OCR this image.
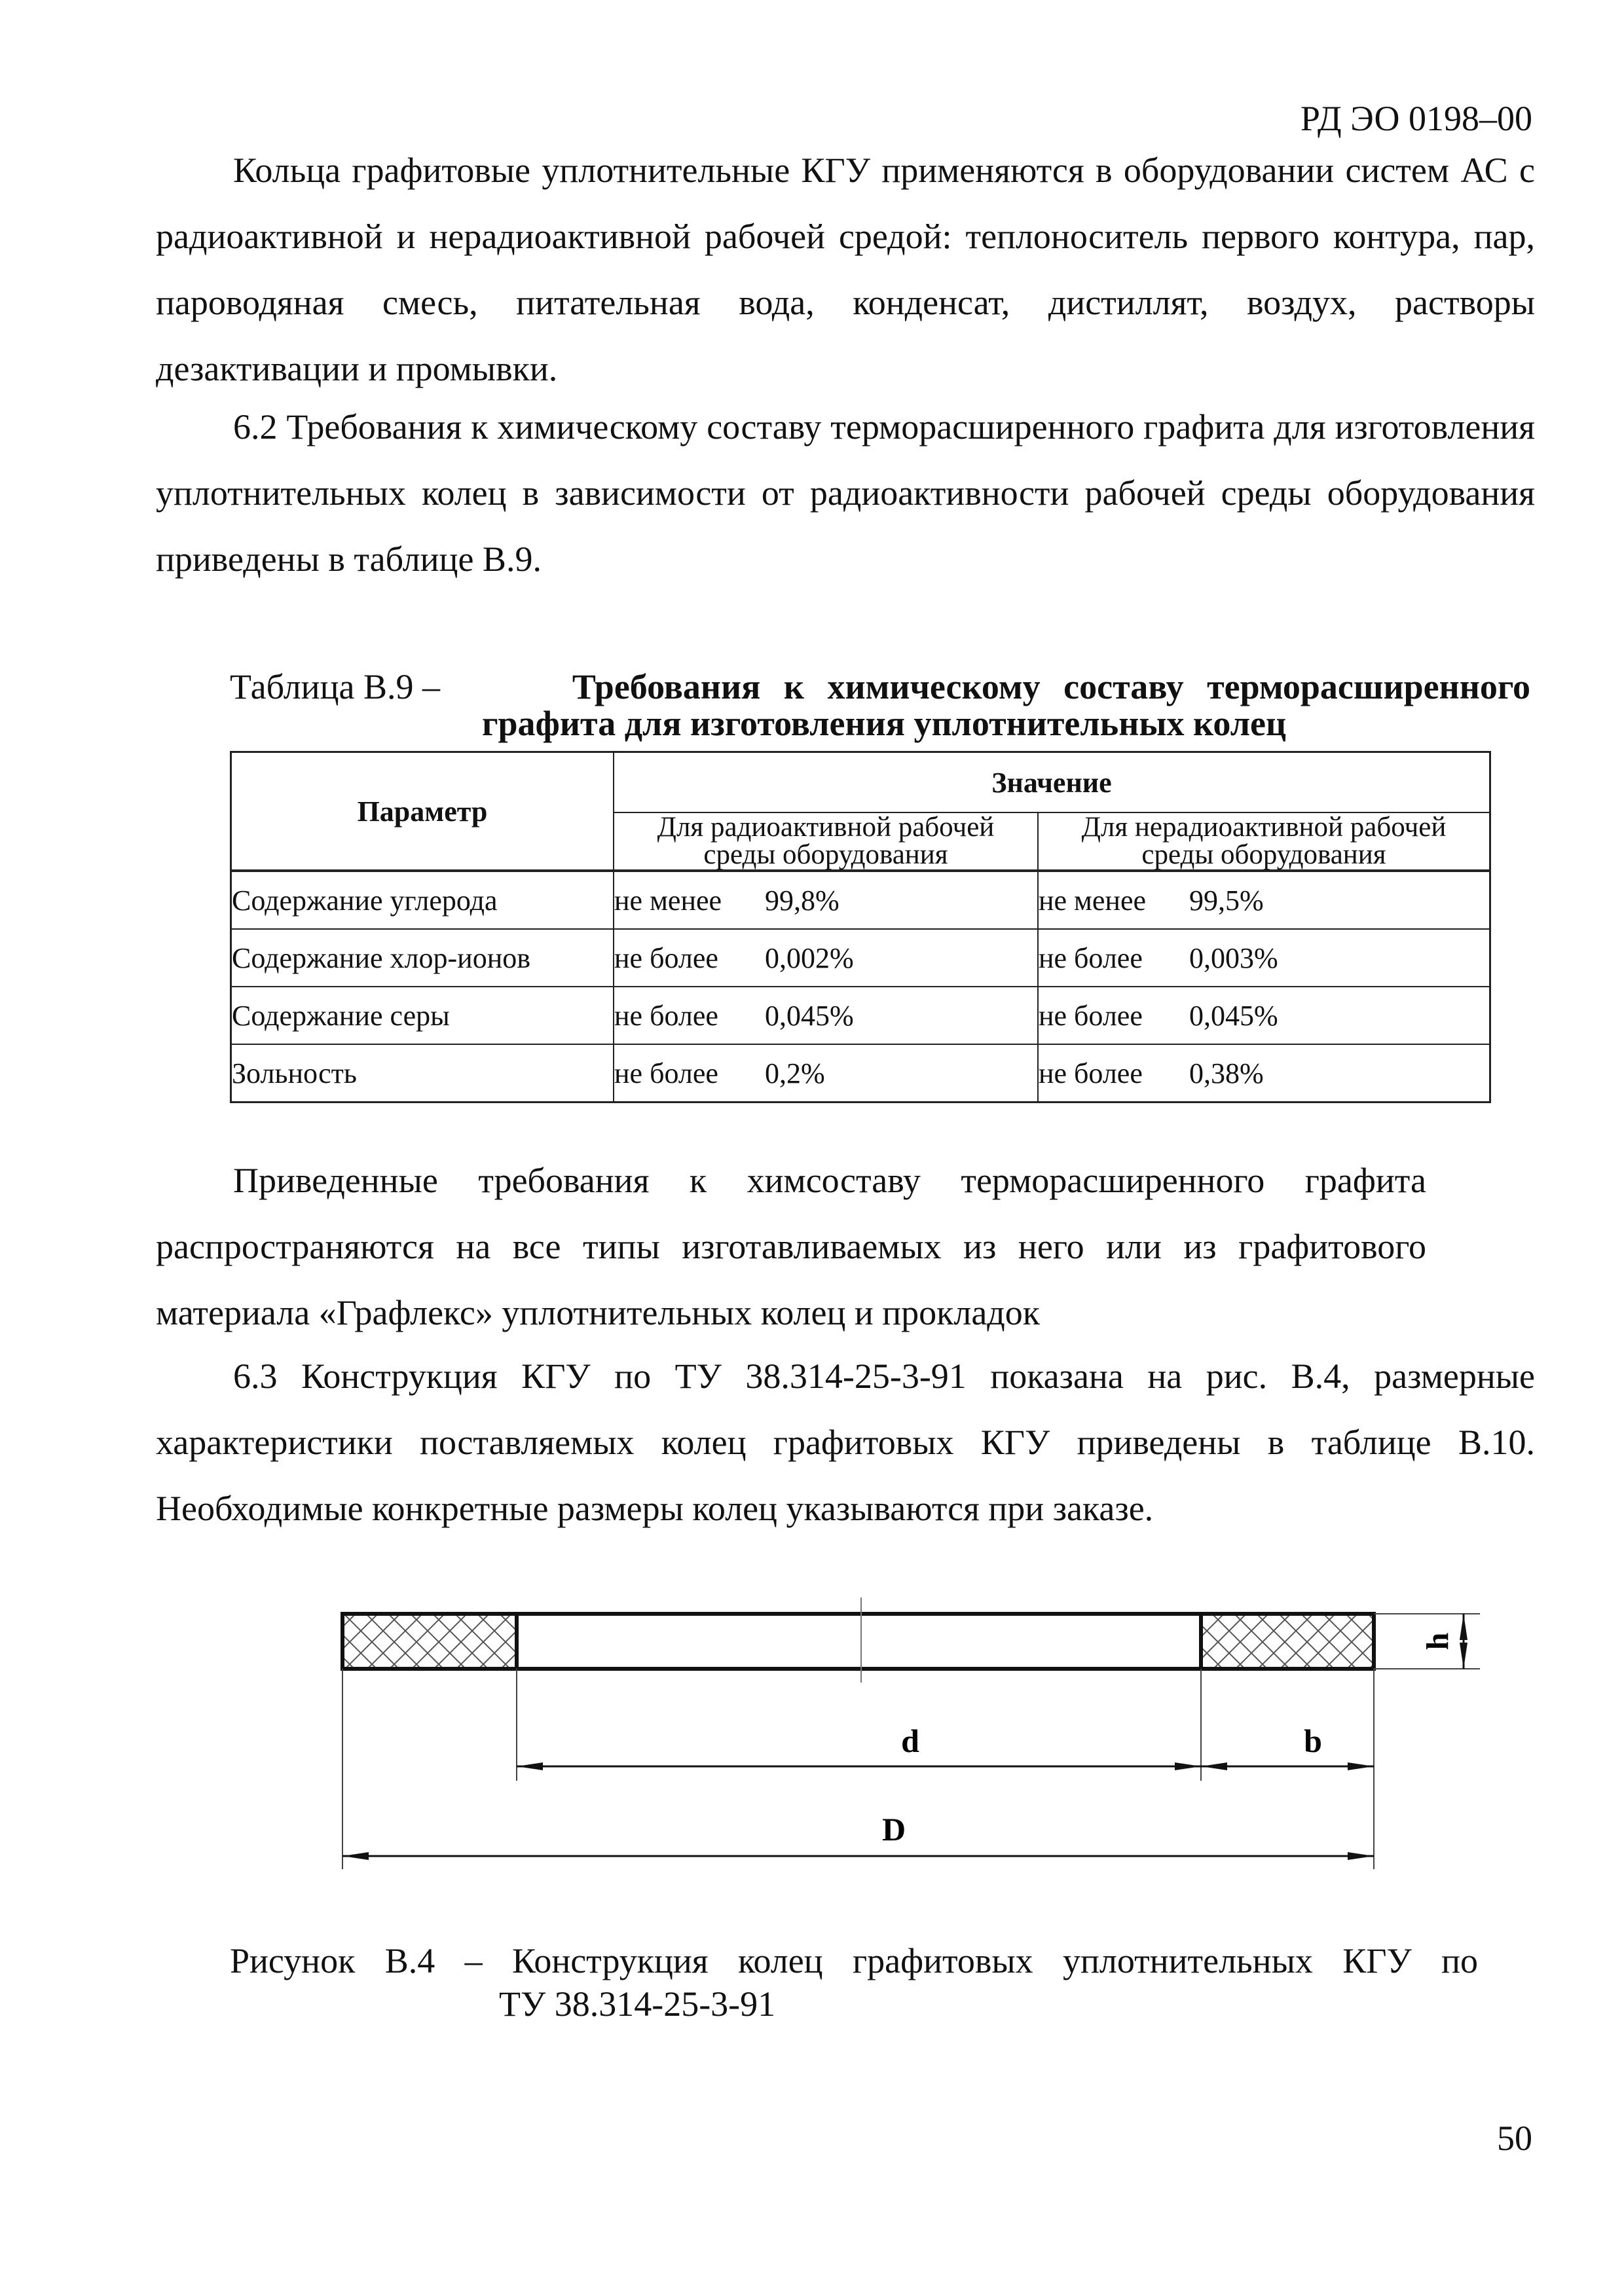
РД ЭО 0198–00

Кольца графитовые уплотнительные КГУ применяются в оборудовании систем АС с радиоактивной и нерадиоактивной рабочей средой: теплоноситель первого контура, пар, пароводяная смесь, питательная вода, конденсат, дистиллят, воздух, растворы дезактивации и промывки.

6.2 Требования к химическому составу терморасширенного графита для изготовления уплотнительных колец в зависимости от радиоактивности рабочей среды оборудования приведены в таблице В.9.

Таблица В.9 –	Требования к химическому составу терморасширенного
графита для изготовления уплотнительных колец
Параметр	Значение	
	Для радиоактивной рабочей среды оборудования	Для нерадиоактивной рабочей среды оборудования
Содержание углерода	не менее 99,8%	не менее 99,5%
Содержание хлор-ионов	не более 0,002%	не более 0,003%
Содержание серы	не более 0,045%	не более 0,045%
Зольность	не более 0,2%	не более 0,38%

Приведенные требования к химсоставу терморасширенного графита распространяются на все типы изготавливаемых из него или из графитового материала «Графлекс» уплотнительных колец и прокладок

6.3 Конструкция КГУ по ТУ 38.314-25-3-91 показана на рис. В.4, размерные характеристики поставляемых колец графитовых КГУ приведены в таблице В.10. Необходимые конкретные размеры колец указываются при заказе.

h
d	b
D
Рисунок В.4 – Конструкция колец графитовых уплотнительных КГУ по
ТУ 38.314-25-3-91
50
